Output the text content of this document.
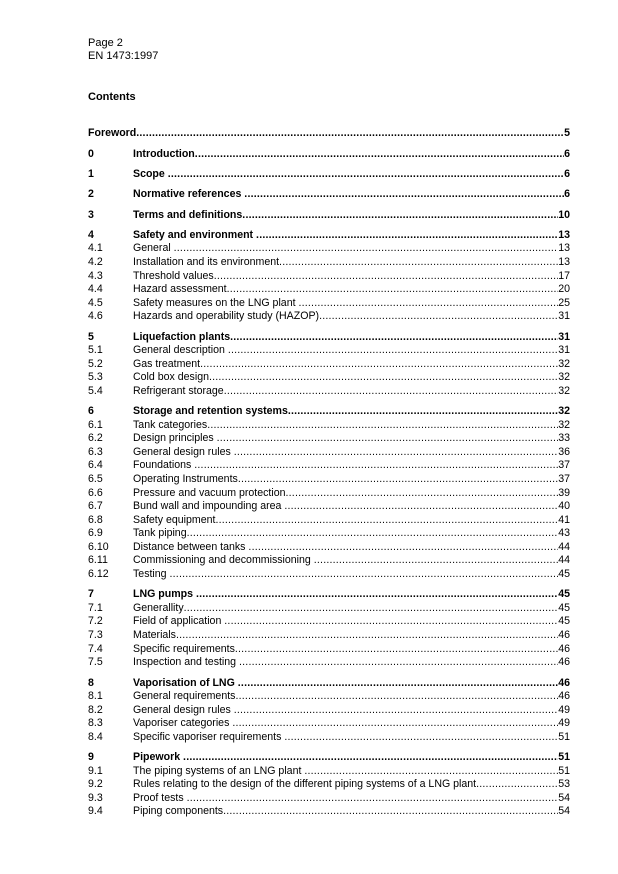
Page 2
EN 1473:1997
Contents
Foreword .....	5
0	Introduction .....	6
1	Scope .....	6
2	Normative references .....	6
3	Terms and definitions .....	10
4	Safety and environment .....	13
4.1	General .....	13
4.2	Installation and its environment .....	13
4.3	Threshold values .....	17
4.4	Hazard assessment .....	20
4.5	Safety measures on the LNG plant .....	25
4.6	Hazards and operability study (HAZOP) .....	31
5	Liquefaction plants .....	31
5.1	General description .....	31
5.2	Gas treatment .....	32
5.3	Cold box design .....	32
5.4	Refrigerant storage .....	32
6	Storage and retention systems .....	32
6.1	Tank categories .....	32
6.2	Design principles .....	33
6.3	General design rules .....	36
6.4	Foundations .....	37
6.5	Operating Instruments .....	37
6.6	Pressure and vacuum protection .....	39
6.7	Bund wall and impounding area .....	40
6.8	Safety equipment .....	41
6.9	Tank piping .....	43
6.10 Distance between tanks .....	44
6.11 Commissioning and decommissioning .....	44
6.12 Testing .....	45
7	LNG pumps .....	45
7.1	Generallity .....	45
7.2	Field of application .....	45
7.3	Materials .....	46
7.4	Specific requirements .....	46
7.5	Inspection and testing .....	46
8	Vaporisation of LNG .....	46
8.1	General requirements .....	46
8.2	General design rules .....	49
8.3	Vaporiser categories .....	49
8.4	Specific vaporiser requirements .....	51
9	Pipework .....	51
9.1	The piping systems of an LNG plant .....	51
9.2	Rules relating to the design of the different piping systems of a LNG plant .....	53
9.3	Proof tests .....	54
9.4	Piping components .....	54
